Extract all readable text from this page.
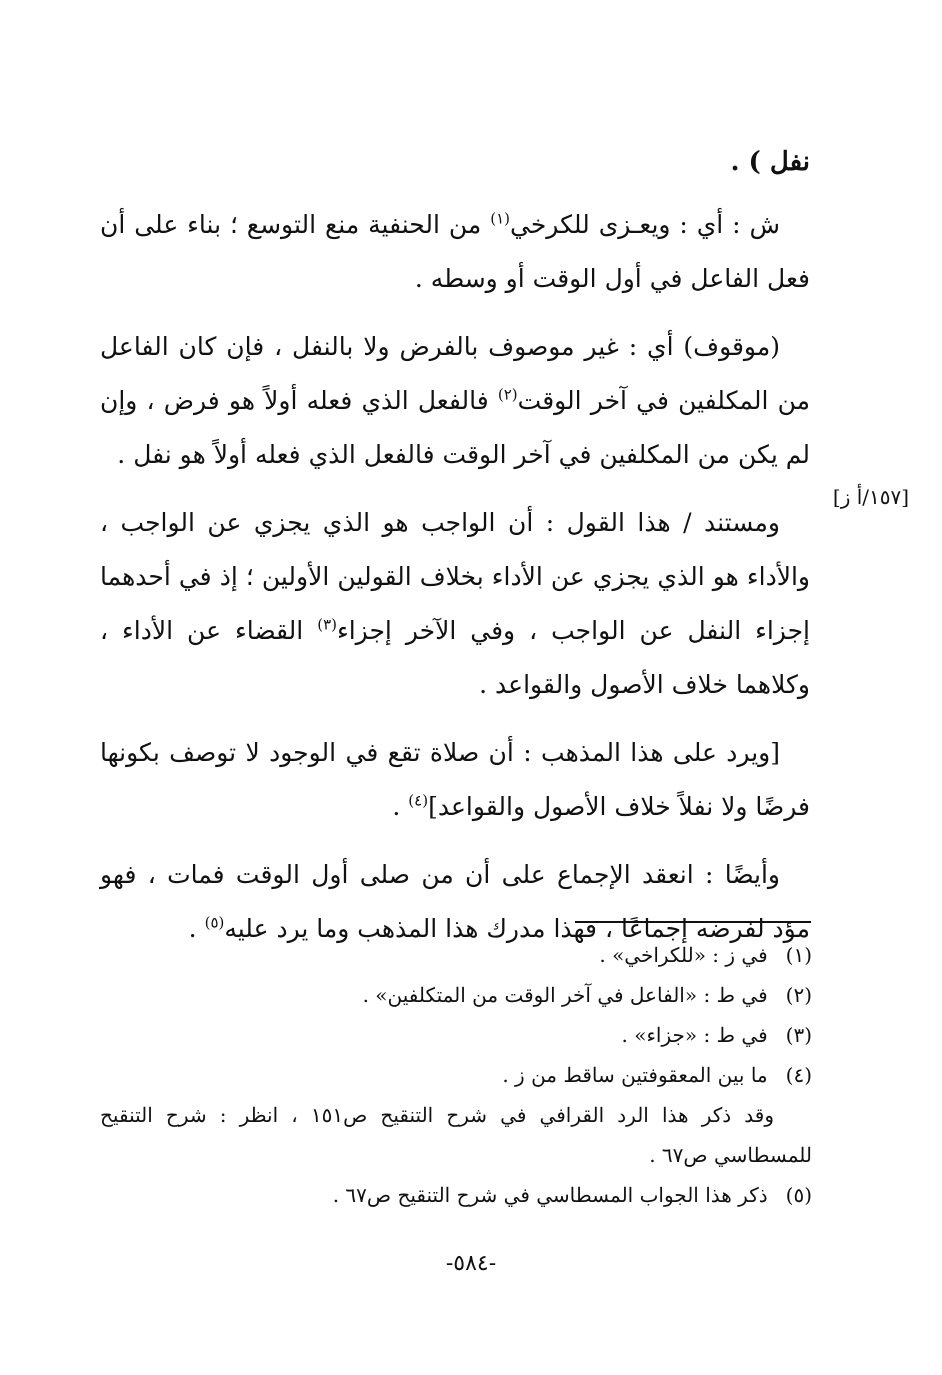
نفل ) .
[١٥٧/أ ز]

ش : أي : ويعـزى للكرخي$^{(١)}$ من الحنفية منع التوسع ؛ بناء على أن فعل الفاعل في أول الوقت أو وسطه .

(موقوف) أي : غير موصوف بالفرض ولا بالنفل ، فإن كان الفاعل من المكلفين في آخر الوقت$^{(٢)}$ فالفعل الذي فعله أولاً هو فرض ، وإن لم يكن من المكلفين في آخر الوقت فالفعل الذي فعله أولاً هو نفل .

ومستند / هذا القول : أن الواجب هو الذي يجزي عن الواجب ، والأداء هو الذي يجزي عن الأداء بخلاف القولين الأولين ؛ إذ في أحدهما إجزاء النفل عن الواجب ، وفي الآخر إجزاء$^{(٣)}$ القضاء عن الأداء ، وكلاهما خلاف الأصول والقواعد .

[ويرد على هذا المذهب : أن صلاة تقع في الوجود لا توصف بكونها فرضًا ولا نفلاً خلاف الأصول والقواعد]$^{(٤)}$ .

وأيضًا : انعقد الإجماع على أن من صلى أول الوقت فمات ، فهو مؤد لفرضه إجماعًا ، فهذا مدرك هذا المذهب وما يرد عليه$^{(٥)}$ .

(١) في ز : «للكراخي» .

(٢) في ط : «الفاعل في آخر الوقت من المتكلفين» .

(٣) في ط : «جزاء» .

(٤) ما بين المعقوفتين ساقط من ز .

وقد ذكر هذا الرد القرافي في شرح التنقيح ص١٥١ ، انظر : شرح التنقيح للمسطاسي ص٦٧ .

(٥) ذكر هذا الجواب المسطاسي في شرح التنقيح ص٦٧ .

-٥٨٤-
